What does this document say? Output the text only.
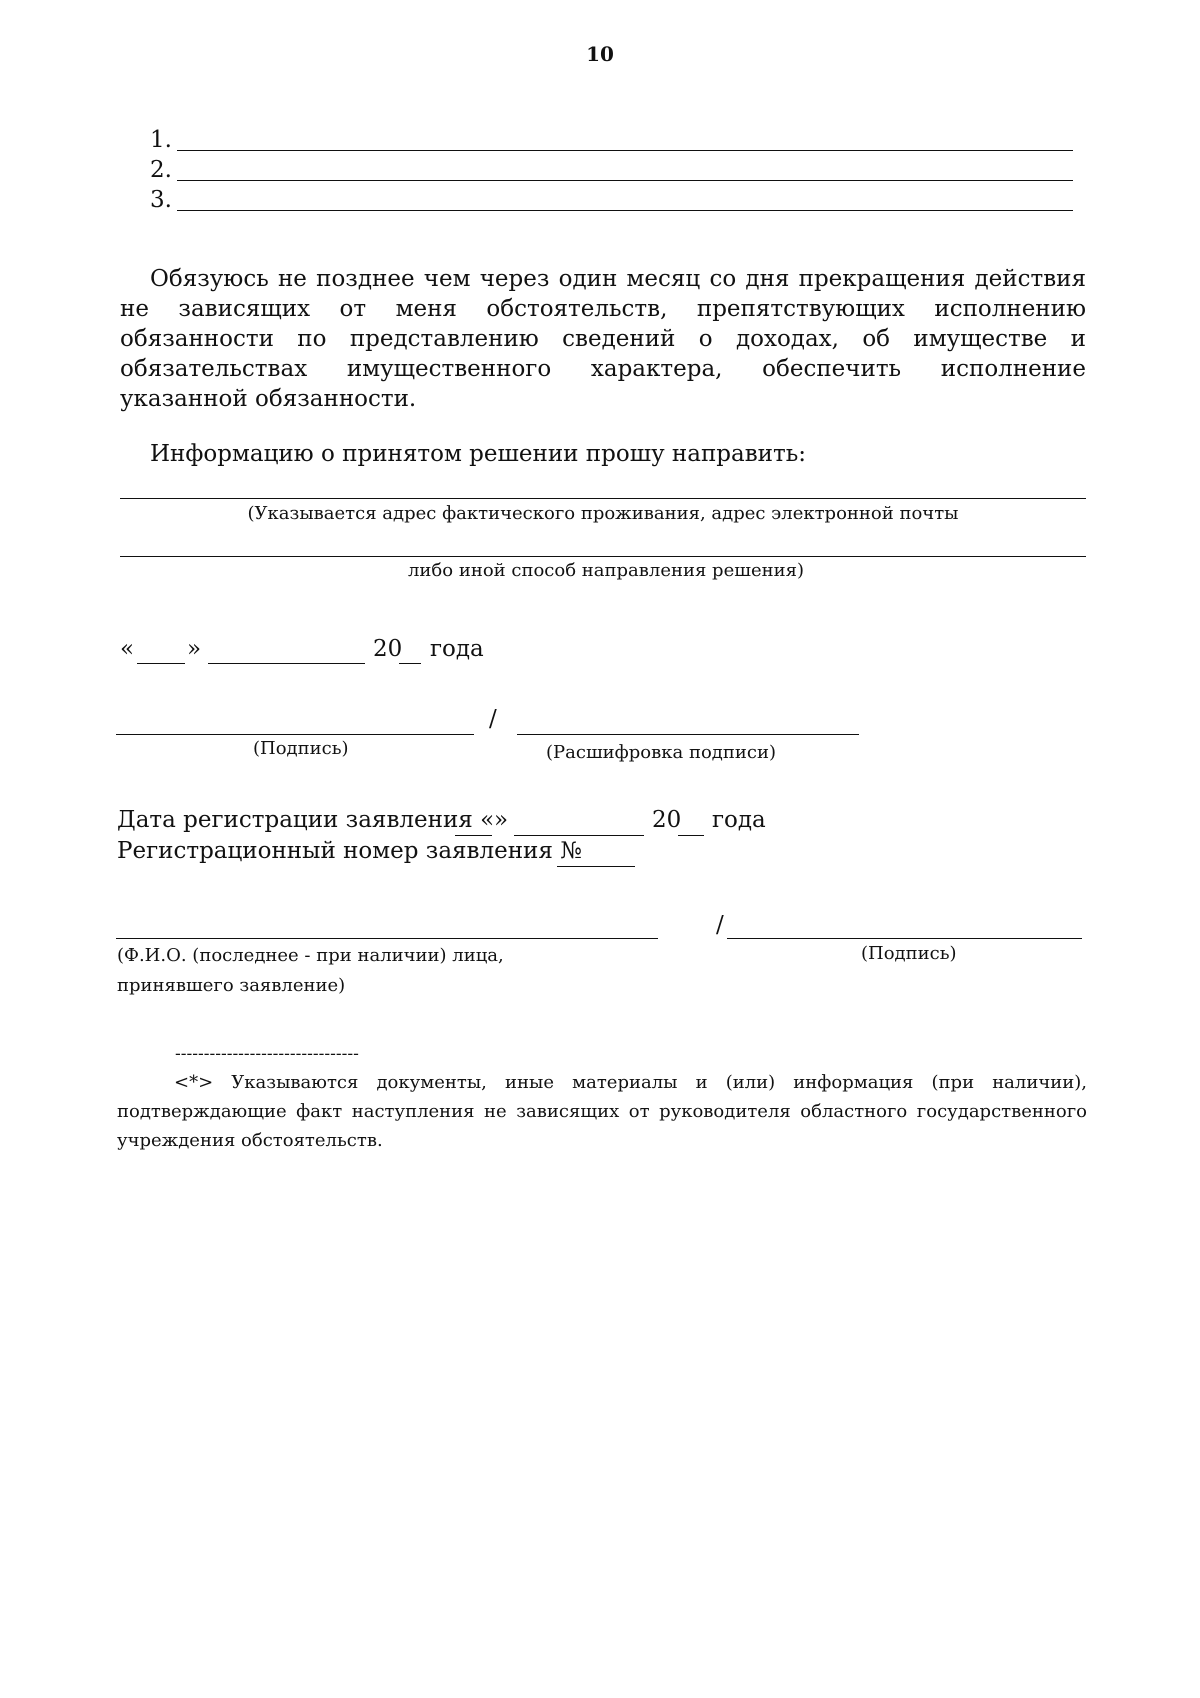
10
1.
2.
3.
Обязуюсь не позднее чем через один месяц со дня прекращения действия не зависящих от меня обстоятельств, препятствующих исполнению обязанности по представлению сведений о доходах, об имуществе и обязательствах имущественного характера, обеспечить исполнение указанной обязанности.
Информацию о принятом решении прошу направить:
(Указывается адрес фактического проживания, адрес электронной почты
либо иной способ направления решения)
« »	20 года
/
(Подпись)	(Расшифровка подписи)
Дата регистрации заявления « »	20 года
Регистрационный номер заявления №
/
(Ф.И.О. (последнее - при наличии) лица,
принявшего заявление)
(Подпись)
--------------------------------
<*> Указываются документы, иные материалы и (или) информация (при наличии), подтверждающие факт наступления не зависящих от руководителя областного государственного учреждения обстоятельств.
